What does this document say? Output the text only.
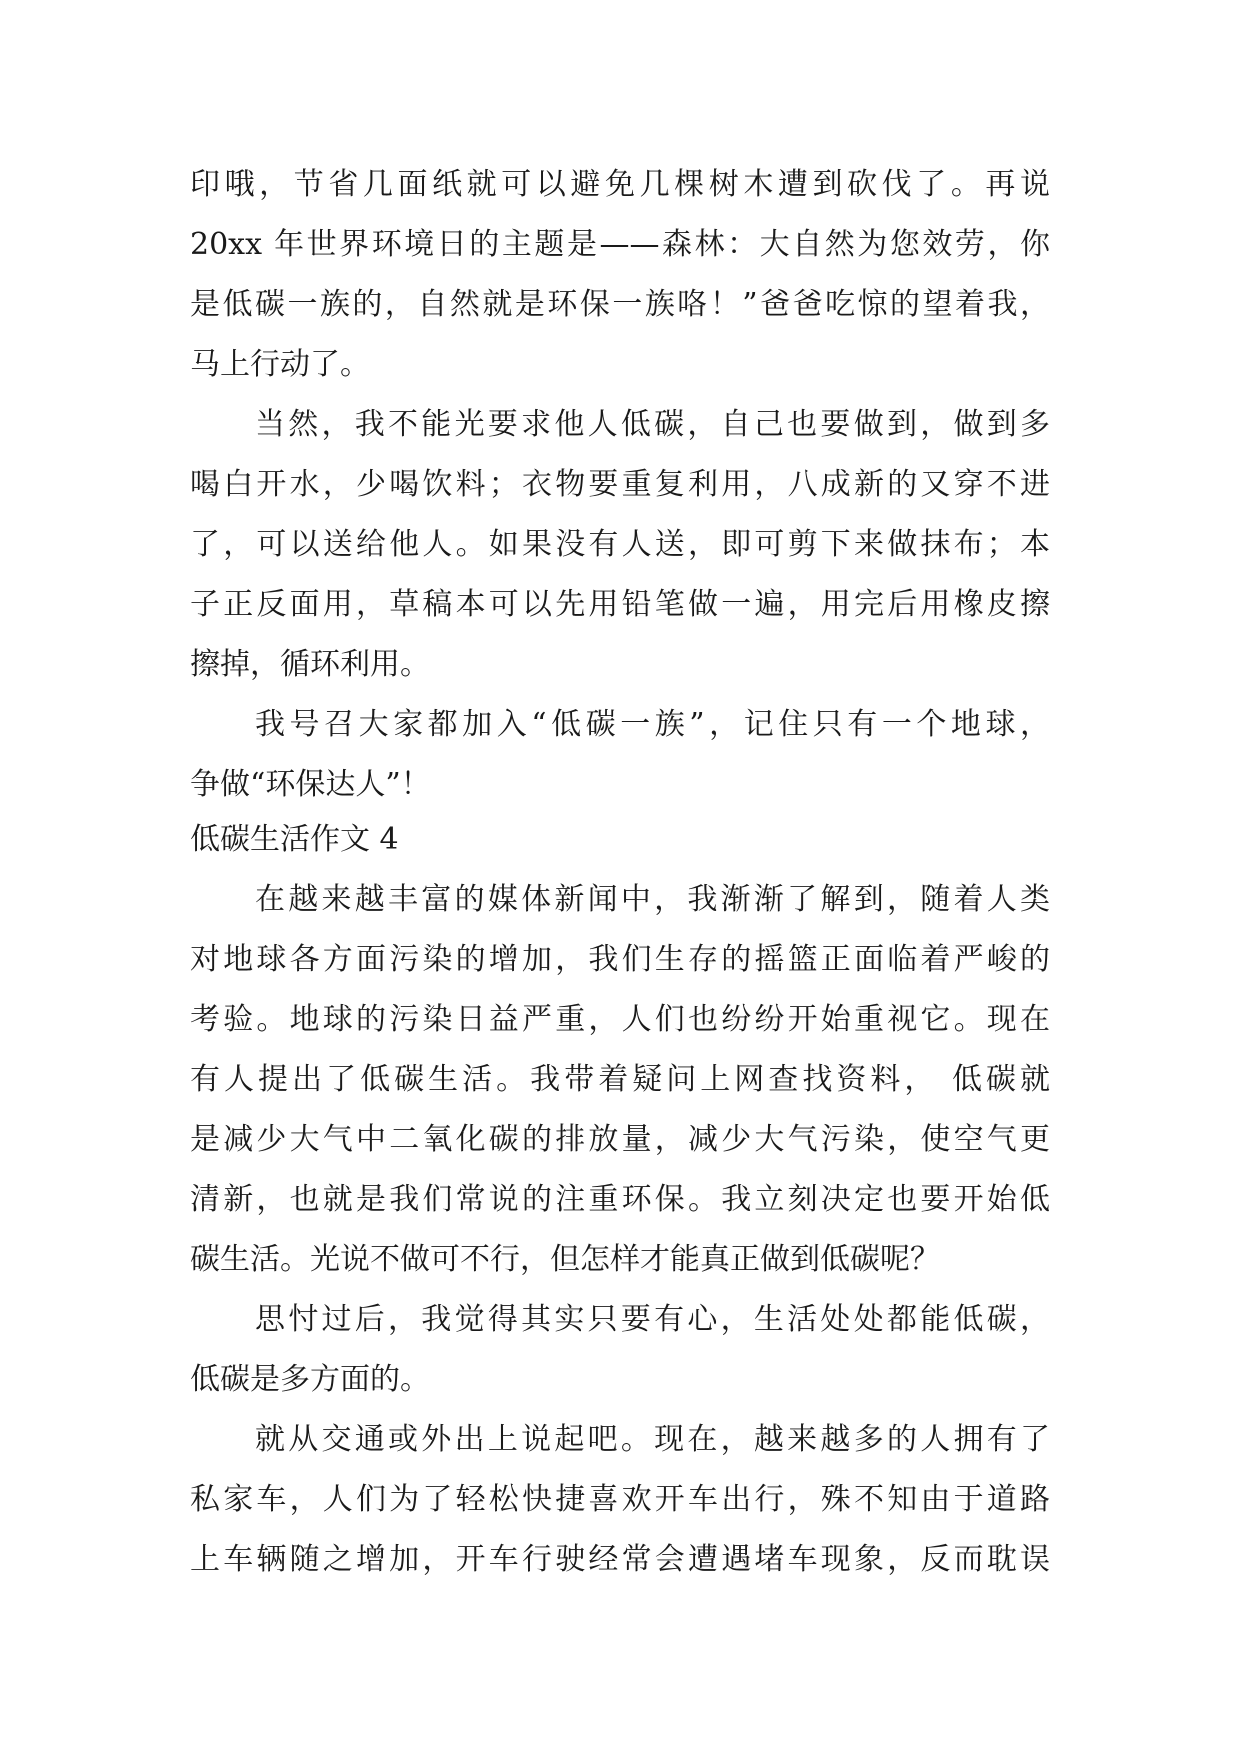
印哦，节省几面纸就可以避免几棵树木遭到砍伐了。再说

20xx 年世界环境日的主题是——森林：大自然为您效劳，你

是低碳一族的，自然就是环保一族咯！”爸爸吃惊的望着我，

马上行动了。

当然，我不能光要求他人低碳，自己也要做到，做到多

喝白开水，少喝饮料；衣物要重复利用，八成新的又穿不进

了，可以送给他人。如果没有人送，即可剪下来做抹布；本

子正反面用，草稿本可以先用铅笔做一遍，用完后用橡皮擦

擦掉，循环利用。

我号召大家都加入“低碳一族”，记住只有一个地球，

争做“环保达人”！

低碳生活作文 4

在越来越丰富的媒体新闻中，我渐渐了解到，随着人类

对地球各方面污染的增加，我们生存的摇篮正面临着严峻的

考验。地球的污染日益严重，人们也纷纷开始重视它。现在

有人提出了低碳生活。我带着疑问上网查找资料， 低碳就

是减少大气中二氧化碳的排放量，减少大气污染，使空气更

清新，也就是我们常说的注重环保。我立刻决定也要开始低

碳生活。光说不做可不行，但怎样才能真正做到低碳呢？

思忖过后，我觉得其实只要有心，生活处处都能低碳，

低碳是多方面的。

就从交通或外出上说起吧。现在，越来越多的人拥有了

私家车，人们为了轻松快捷喜欢开车出行，殊不知由于道路

上车辆随之增加，开车行驶经常会遭遇堵车现象，反而耽误
